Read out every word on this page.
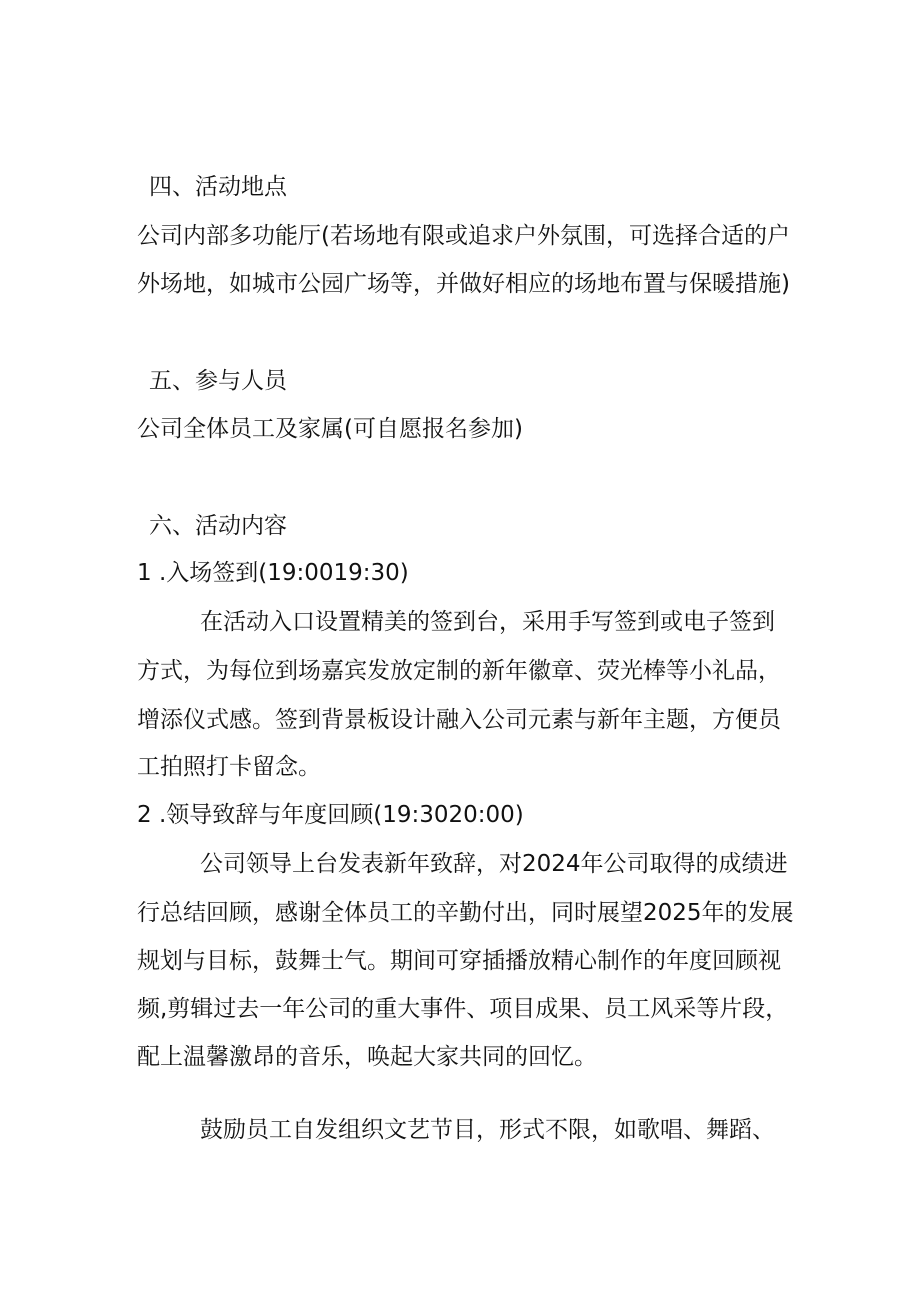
四、活动地点
公司内部多功能厅(若场地有限或追求户外氛围，可选择合适的户
外场地，如城市公园广场等，并做好相应的场地布置与保暖措施)
五、参与人员
公司全体员工及家属(可自愿报名参加)
六、活动内容
1 .入场签到(19:0019:30)
在活动入口设置精美的签到台，采用手写签到或电子签到
方式，为每位到场嘉宾发放定制的新年徽章、荧光棒等小礼品，
增添仪式感。签到背景板设计融入公司元素与新年主题，方便员
工拍照打卡留念。
2 .领导致辞与年度回顾(19:3020:00)
公司领导上台发表新年致辞，对2024年公司取得的成绩进
行总结回顾，感谢全体员工的辛勤付出，同时展望2025年的发展
规划与目标，鼓舞士气。期间可穿插播放精心制作的年度回顾视
频,剪辑过去一年公司的重大事件、项目成果、员工风采等片段，
配上温馨激昂的音乐，唤起大家共同的回忆。
鼓励员工自发组织文艺节目，形式不限，如歌唱、舞蹈、
